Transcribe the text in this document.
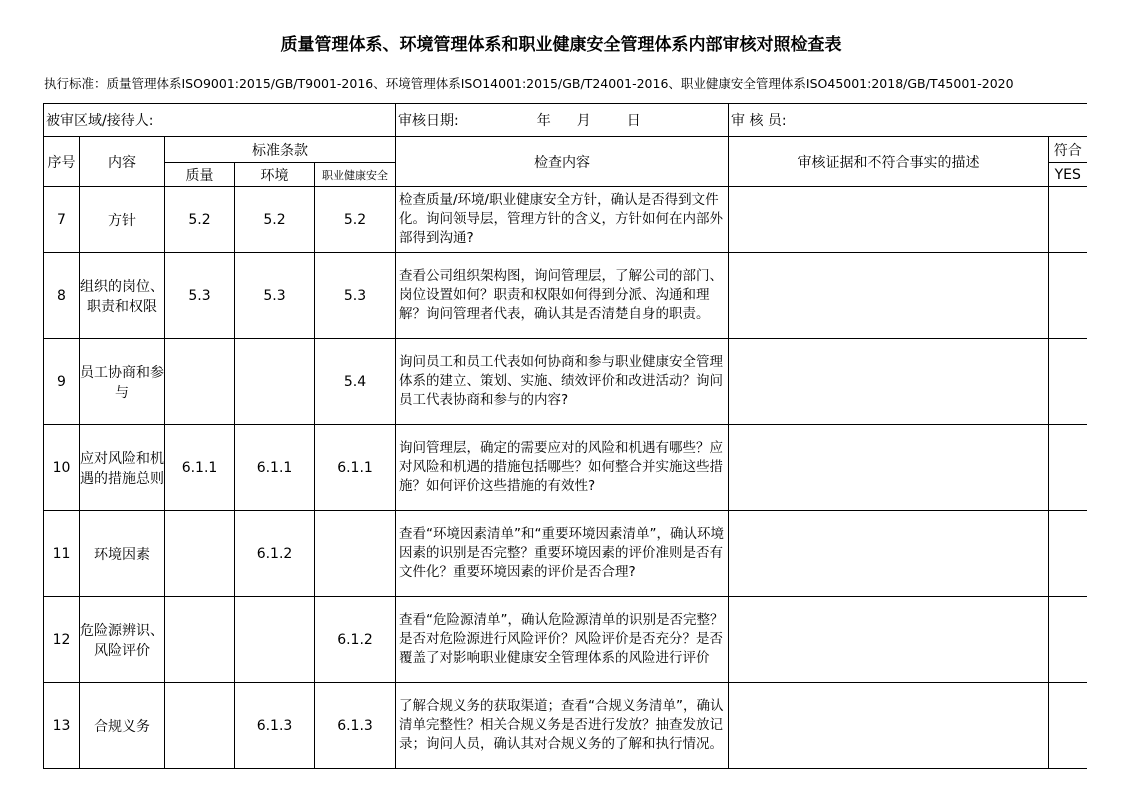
质量管理体系、环境管理体系和职业健康安全管理体系内部审核对照检查表
执行标准：质量管理体系ISO9001:2015/GB/T9001-2016、环境管理体系ISO14001:2015/GB/T24001-2016、职业健康安全管理体系ISO45001:2018/GB/T45001-2020
被审区域/接待人:					审核日期: 年 月 日	审 核 员:	
序号	内容	标准条款			检查内容	审核证据和不符合事实的描述	符合
		质量	环境	职业健康安全			YES
7	方针	5.2	5.2	5.2	检查质量/环境/职业健康安全方针，确认是否得到文件化。询问领导层，管理方针的含义，方针如何在内部外部得到沟通?		
8	组织的岗位、职责和权限	5.3	5.3	5.3	查看公司组织架构图，询问管理层，了解公司的部门、岗位设置如何？职责和权限如何得到分派、沟通和理解？询问管理者代表，确认其是否清楚自身的职责。		
9	员工协商和参与			5.4	询问员工和员工代表如何协商和参与职业健康安全管理体系的建立、策划、实施、绩效评价和改进活动？询问员工代表协商和参与的内容?		
10	应对风险和机遇的措施总则	6.1.1	6.1.1	6.1.1	询问管理层，确定的需要应对的风险和机遇有哪些？应对风险和机遇的措施包括哪些？如何整合并实施这些措施？如何评价这些措施的有效性?		
11	环境因素		6.1.2		查看“环境因素清单”和“重要环境因素清单”，确认环境因素的识别是否完整？重要环境因素的评价准则是否有文件化？重要环境因素的评价是否合理?		
12	危险源辨识、风险评价			6.1.2	查看“危险源清单”，确认危险源清单的识别是否完整？是否对危险源进行风险评价？风险评价是否充分？是否覆盖了对影响职业健康安全管理体系的风险进行评价		
13	合规义务		6.1.3	6.1.3	了解合规义务的获取渠道；查看“合规义务清单”，确认清单完整性？相关合规义务是否进行发放？抽查发放记录；询问人员，确认其对合规义务的了解和执行情况。		
